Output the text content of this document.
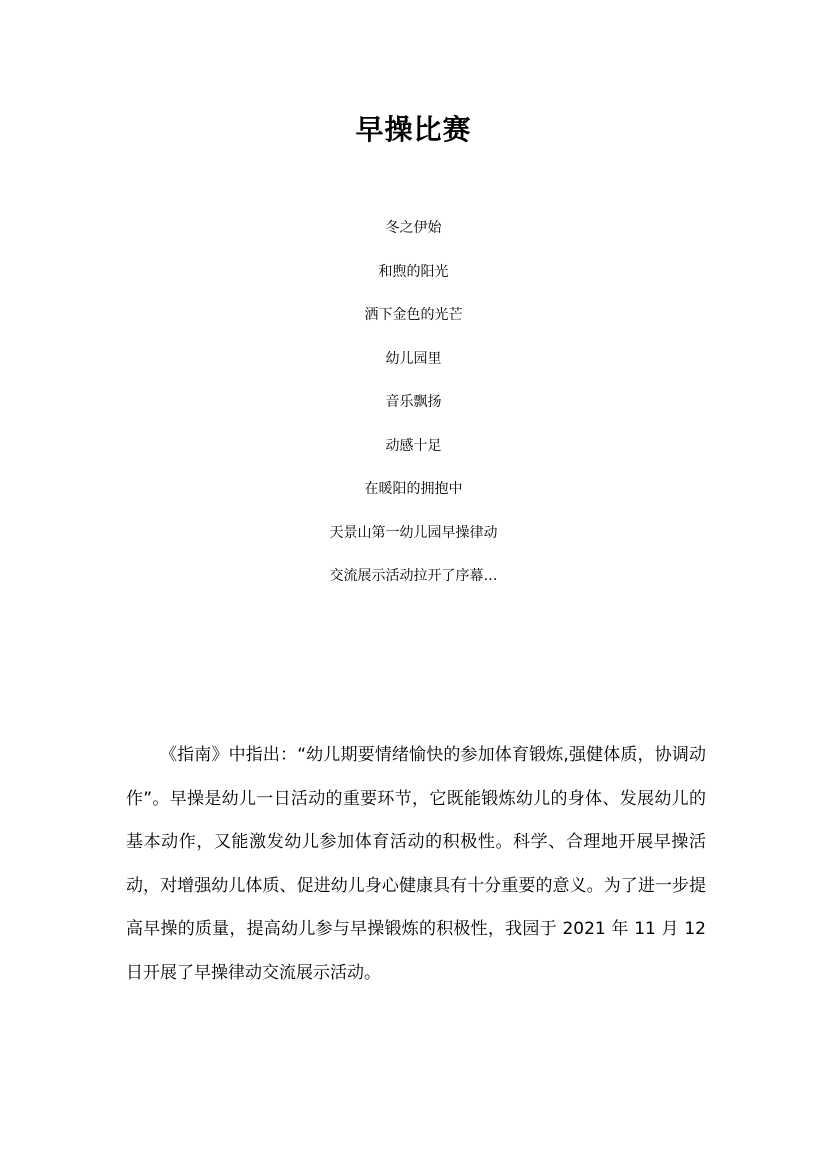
早操比赛
冬之伊始
和煦的阳光
洒下金色的光芒
幼儿园里
音乐飘扬
动感十足
在暖阳的拥抱中
天景山第一幼儿园早操律动
交流展示活动拉开了序幕…

《指南》中指出：“幼儿期要情绪愉快的参加体育锻炼,强健体质，协调动作”。早操是幼儿一日活动的重要环节，它既能锻炼幼儿的身体、发展幼儿的基本动作，又能激发幼儿参加体育活动的积极性。科学、合理地开展早操活动，对增强幼儿体质、促进幼儿身心健康具有十分重要的意义。为了进一步提高早操的质量，提高幼儿参与早操锻炼的积极性，我园于 2021 年 11 月 12 日开展了早操律动交流展示活动。
